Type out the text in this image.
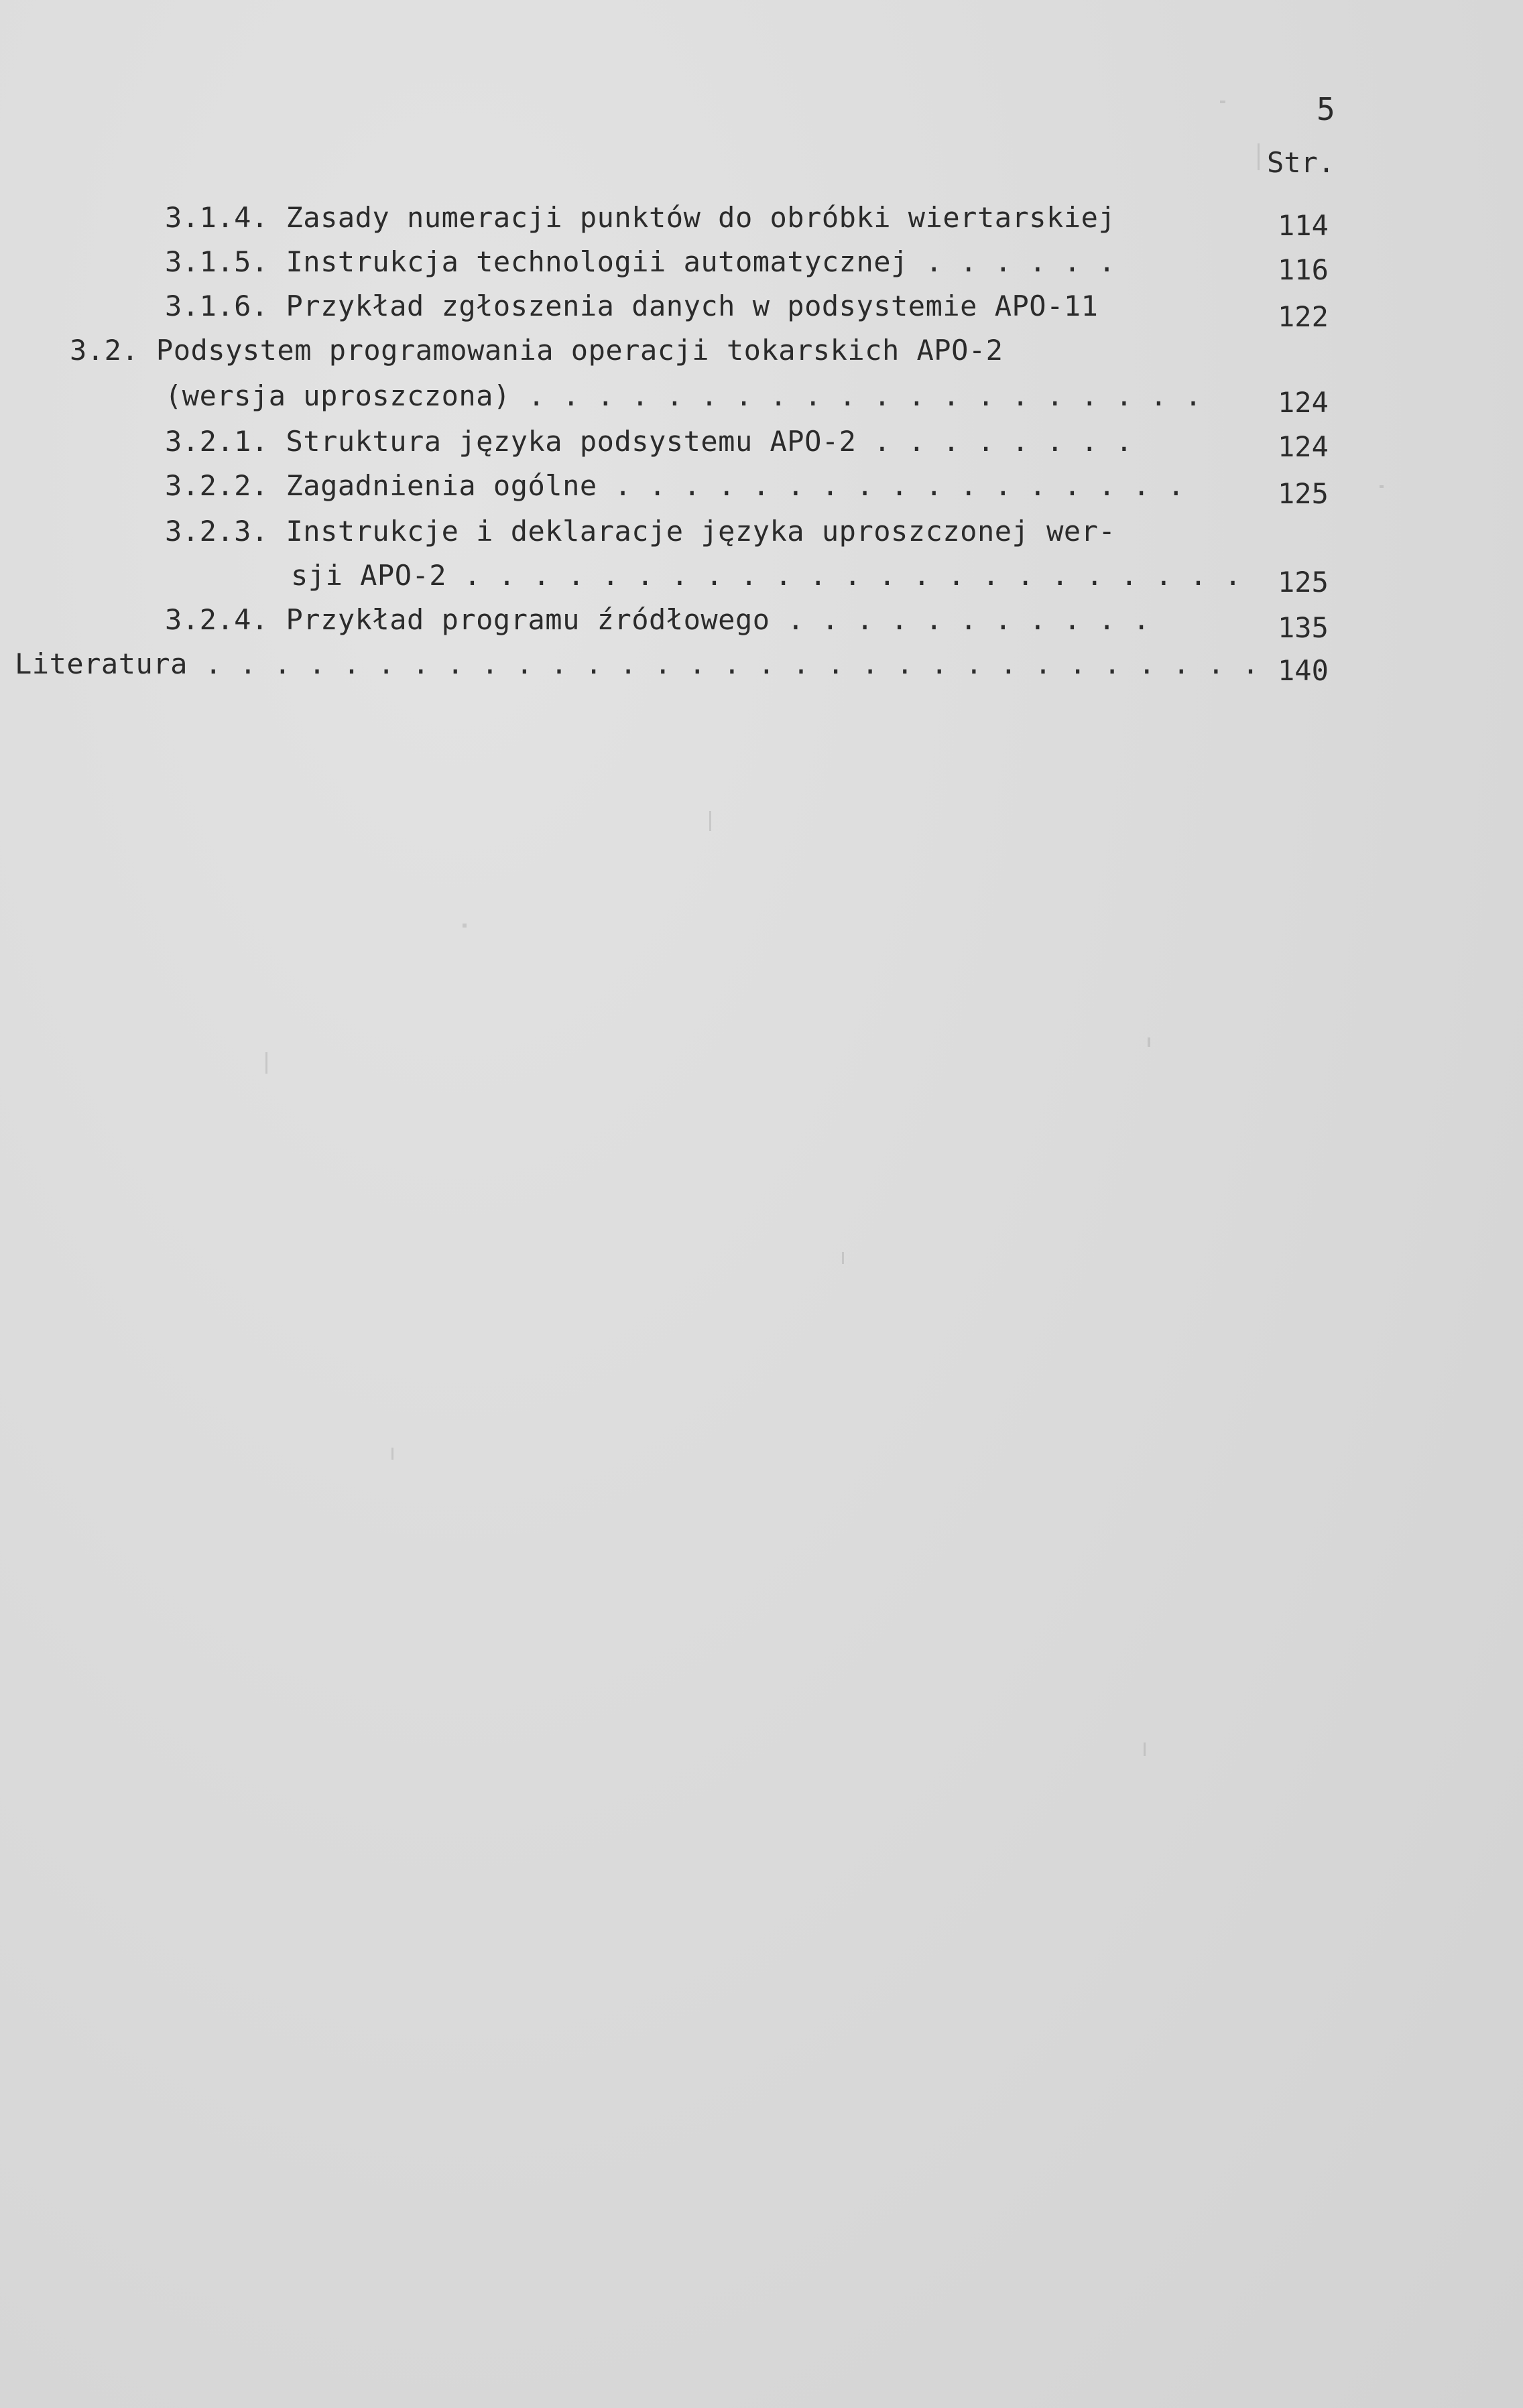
5
Str.
3.1.4. Zasady numeracji punktów do obróbki wiertarskiej	114
3.1.5. Instrukcja technologii automatycznej . . . . . .	116
3.1.6. Przykład zgłoszenia danych w podsystemie APO-11	122
3.2. Podsystem programowania operacji tokarskich APO-2
(wersja uproszczona) . . . . . . . . . . . . . . . . . . . .	124
3.2.1. Struktura języka podsystemu APO-2 . . . . . . . .	124
3.2.2. Zagadnienia ogólne . . . . . . . . . . . . . . . . .	125
3.2.3. Instrukcje i deklaracje języka uproszczonej wer-
sji APO-2 . . . . . . . . . . . . . . . . . . . . . . . 125
3.2.4. Przykład programu źródłowego . . . . . . . . . . .	135
Literatura . . . . . . . . . . . . . . . . . . . . . . . . . . . . . . . 140
